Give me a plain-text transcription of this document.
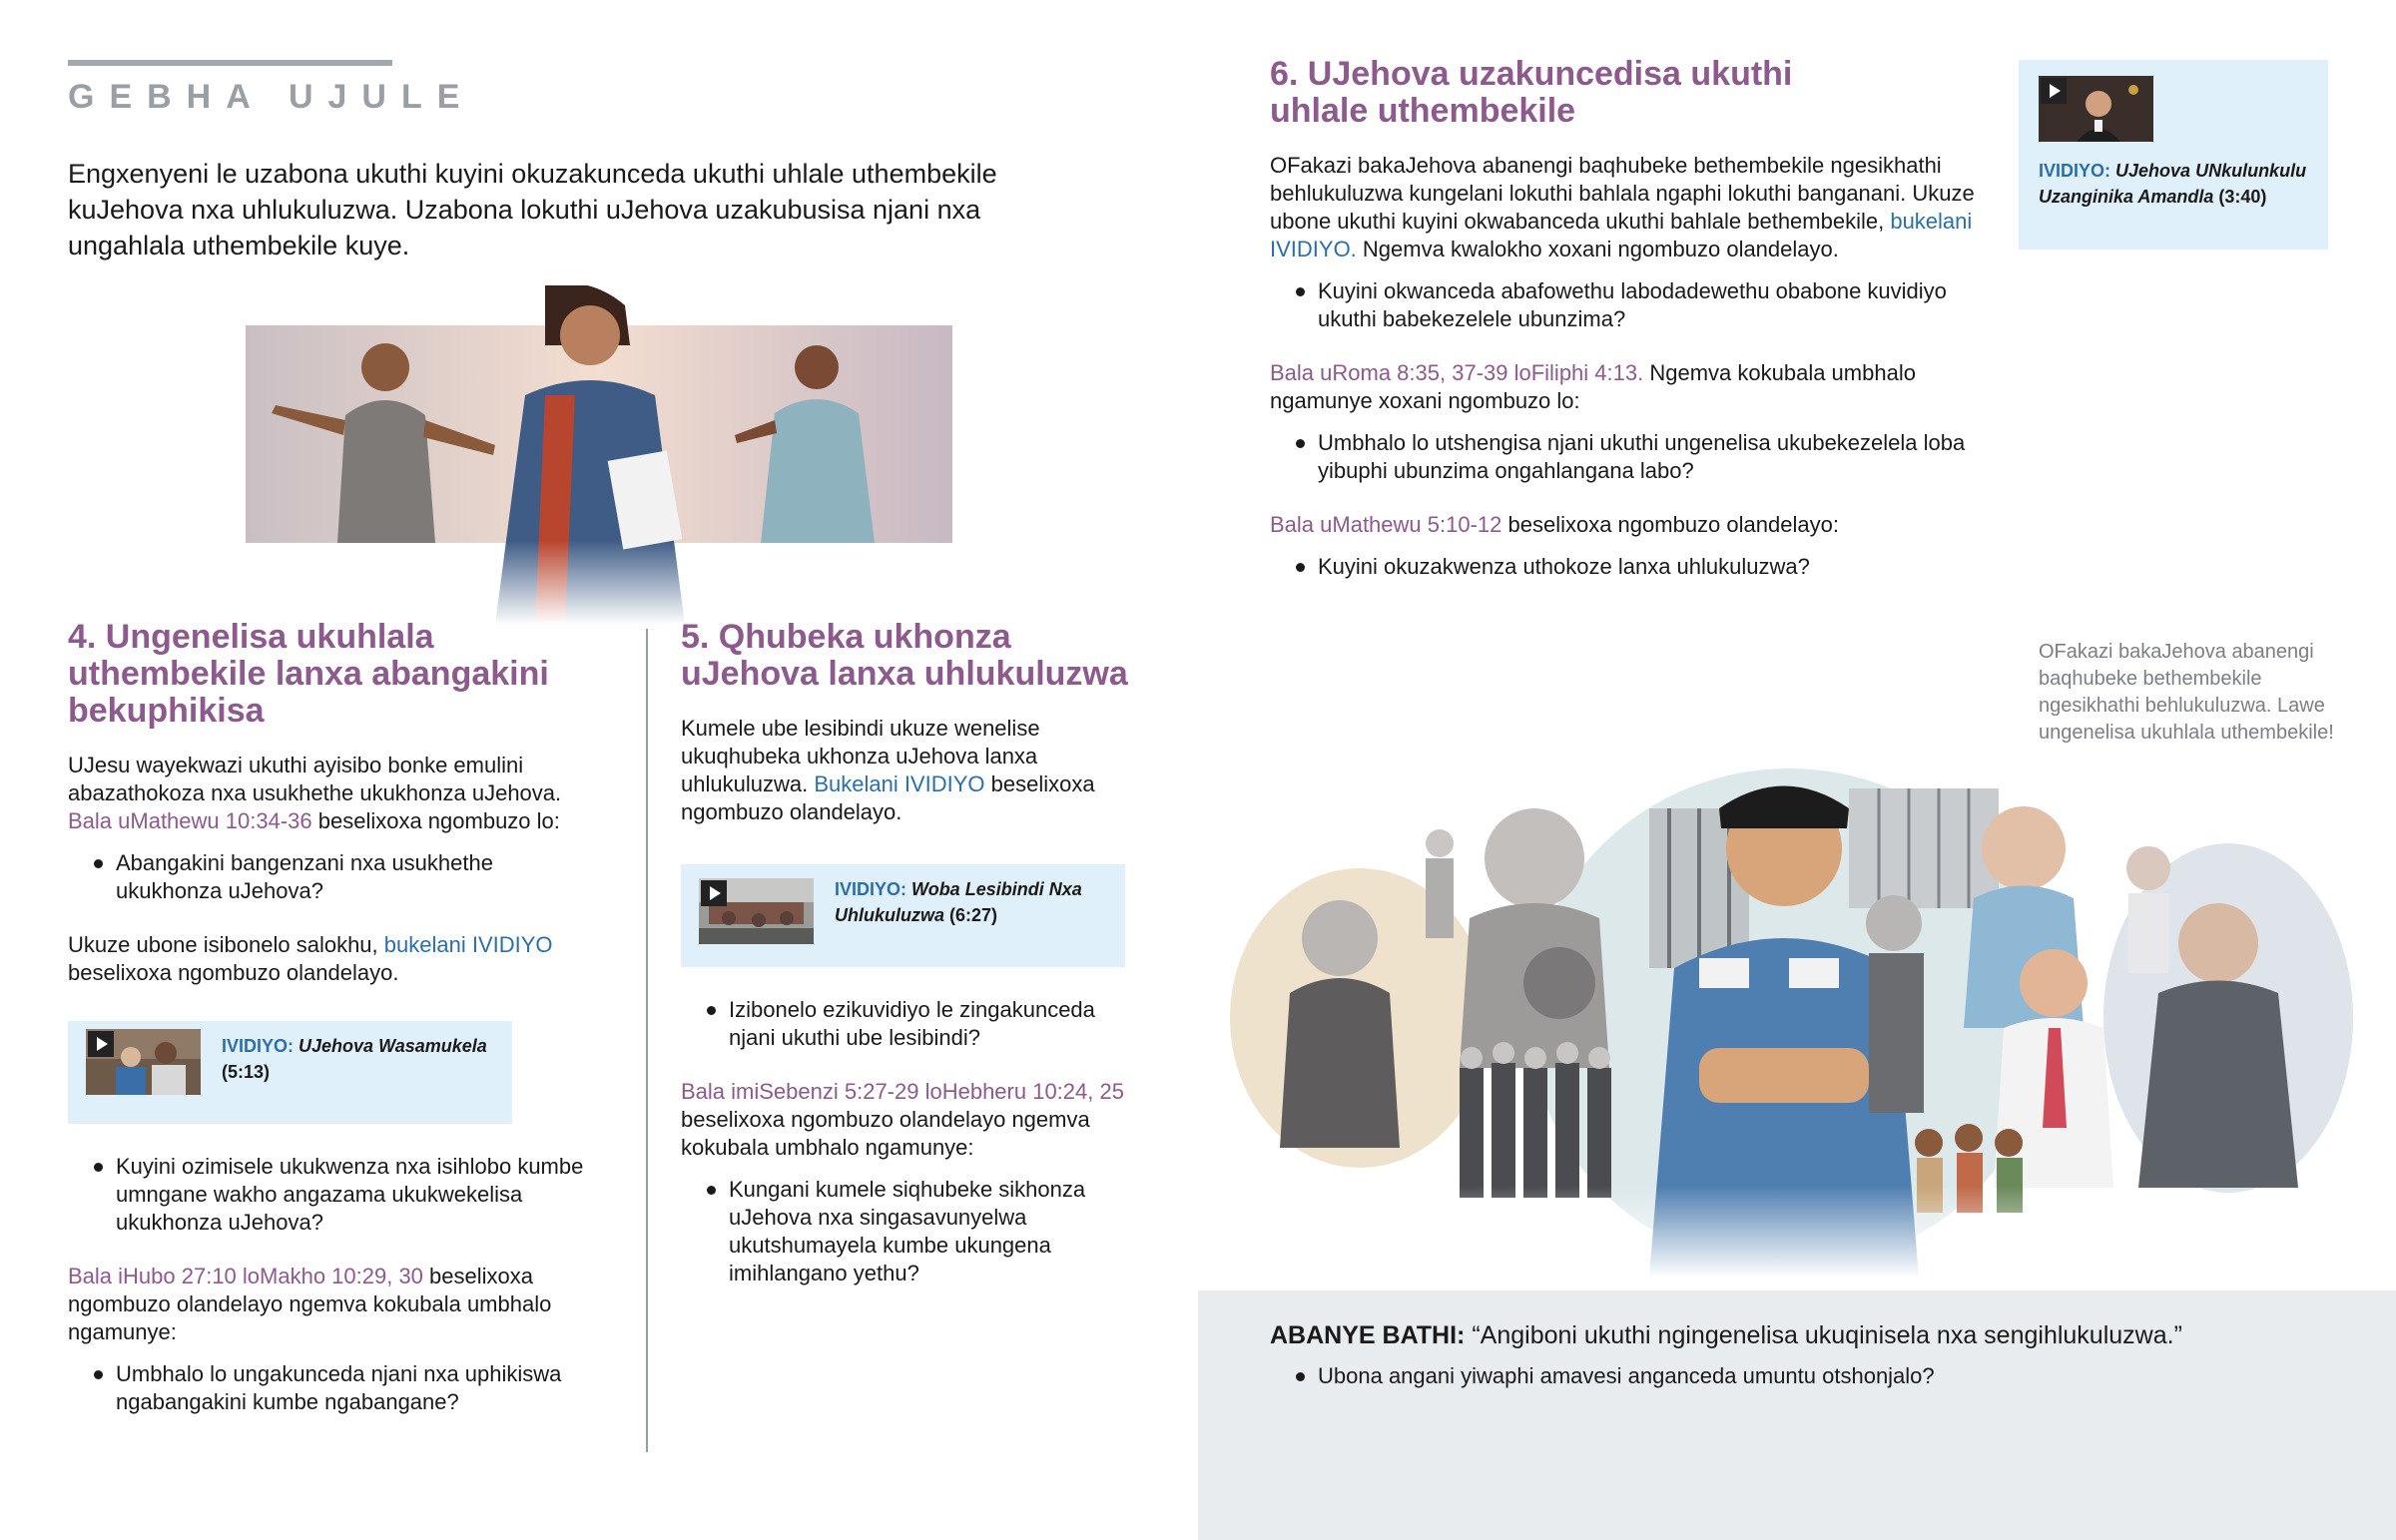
GEBHA UJULE
Engxenyeni le uzabona ukuthi kuyini okuzakunceda ukuthi uhlale uthembekile kuJehova nxa uhlukuluzwa. Uzabona lokuthi uJehova uzakubusisa njani nxa ungahlala uthembekile kuye.
4. Ungenelisa ukuhlala uthembekile lanxa abangakini bekuphikisa
UJesu wayekwazi ukuthi ayisibo bonke emulini abazathokoza nxa usukhethe ukukhonza uJehova. Bala uMathewu 10:34-36 beselixoxa ngombuzo lo:
Abangakini bangenzani nxa usukhethe ukukhonza uJehova?
Ukuze ubone isibonelo salokhu, bukelani IVIDIYO beselixoxa ngombuzo olandelayo.
IVIDIYO: UJehova Wasamukela (5:13)
Kuyini ozimisele ukukwenza nxa isihlobo kumbe umngane wakho angazama ukukwekelisa ukukhonza uJehova?
Bala iHubo 27:10 loMakho 10:29, 30 beselixoxa ngombuzo olandelayo ngemva kokubala umbhalo ngamunye:
Umbhalo lo ungakunceda njani nxa uphikiswa ngabangakini kumbe ngabangane?
5. Qhubeka ukhonza uJehova lanxa uhlukuluzwa
Kumele ube lesibindi ukuze wenelise ukuqhubeka ukhonza uJehova lanxa uhlukuluzwa. Bukelani IVIDIYO beselixoxa ngombuzo olandelayo.
IVIDIYO: Woba Lesibindi Nxa Uhlukuluzwa (6:27)
Izibonelo ezikuvidiyo le zingakunceda njani ukuthi ube lesibindi?
Bala imiSebenzi 5:27-29 loHebheru 10:24, 25 beselixoxa ngombuzo olandelayo ngemva kokubala umbhalo ngamunye:
Kungani kumele siqhubeke sikhonza uJehova nxa singasavunyelwa ukutshumayela kumbe ukungena imihlangano yethu?
6. UJehova uzakuncedisa ukuthi uhlale uthembekile
OFakazi bakaJehova abanengi baqhubeke bethembekile ngesikhathi behlukuluzwa kungelani lokuthi bahlala ngaphi lokuthi banganani. Ukuze ubone ukuthi kuyini okwabanceda ukuthi bahlale bethembekile, bukelani IVIDIYO. Ngemva kwalokho xoxani ngombuzo olandelayo.
Kuyini okwanceda abafowethu labodadewethu obabone kuvidiyo ukuthi babekezelele ubunzima?
Bala uRoma 8:35, 37-39 loFiliphi 4:13. Ngemva kokubala umbhalo ngamunye xoxani ngombuzo lo:
Umbhalo lo utshengisa njani ukuthi ungenelisa ukubekezelela loba yibuphi ubunzima ongahlangana labo?
Bala uMathewu 5:10-12 beselixoxa ngombuzo olandelayo:
Kuyini okuzakwenza uthokoze lanxa uhlukuluzwa?
IVIDIYO: UJehova UNkulunkulu Uzanginika Amandla (3:40)
OFakazi bakaJehova abanengi baqhubeke bethembekile ngesikhathi behlukuluzwa. Lawe ungenelisa ukuhlala uthembekile!
ABANYE BATHI: “Angiboni ukuthi ngingenelisa ukuqinisela nxa sengihlukuluzwa.”
Ubona angani yiwaphi amavesi anganceda umuntu otshonjalo?
